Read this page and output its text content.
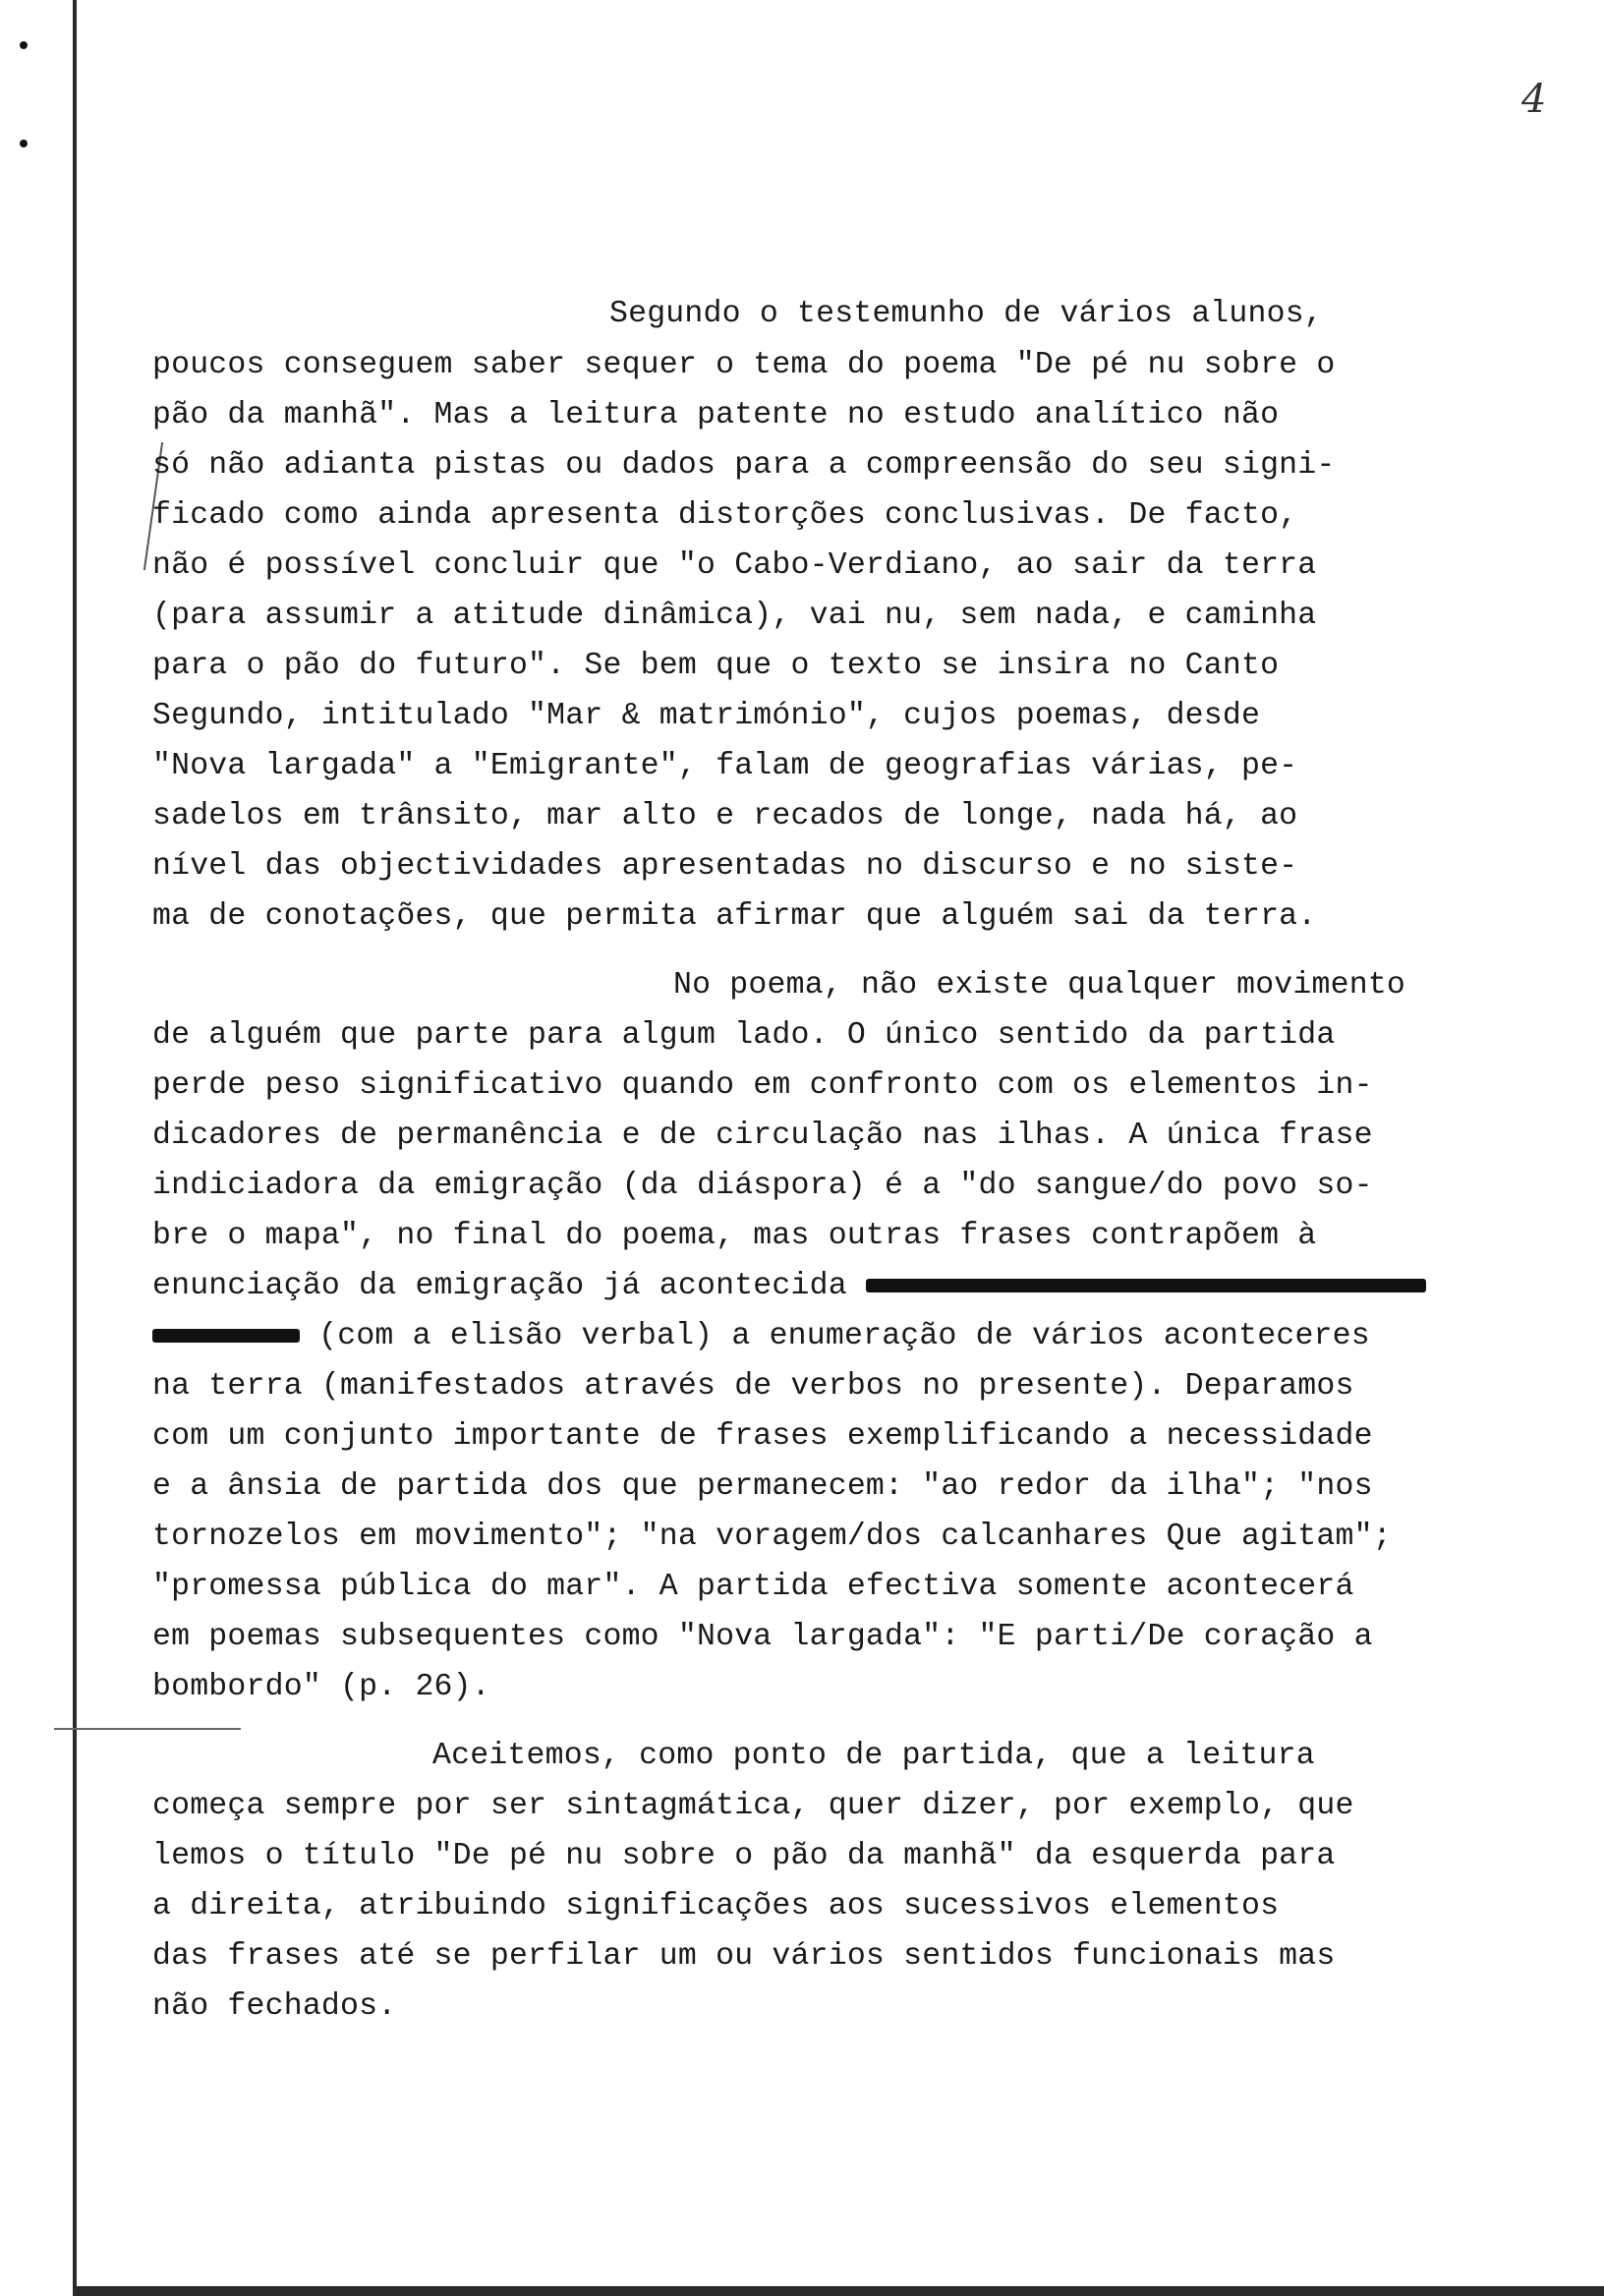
4
Segundo o testemunho de vários alunos,
poucos conseguem saber sequer o tema do poema "De pé nu sobre o
pão da manhã". Mas a leitura patente no estudo analítico não
só não adianta pistas ou dados para a compreensão do seu signi-
ficado como ainda apresenta distorções conclusivas. De facto,
não é possível concluir que "o Cabo-Verdiano, ao sair da terra
(para assumir a atitude dinâmica), vai nu, sem nada, e caminha
para o pão do futuro". Se bem que o texto se insira no Canto
Segundo, intitulado "Mar & matrimónio", cujos poemas, desde
"Nova largada" a "Emigrante", falam de geografias várias, pe-
sadelos em trânsito, mar alto e recados de longe, nada há, ao
nível das objectividades apresentadas no discurso e no siste-
ma de conotações, que permita afirmar que alguém sai da terra.
No poema, não existe qualquer movimento
de alguém que parte para algum lado. O único sentido da partida
perde peso significativo quando em confronto com os elementos in-
dicadores de permanência e de circulação nas ilhas. A única frase
indiciadora da emigração (da diáspora) é a "do sangue/do povo so-
bre o mapa", no final do poema, mas outras frases contrapõem à
enunciação da emigração já acontecida
(com a elisão verbal) a enumeração de vários aconteceres
na terra (manifestados através de verbos no presente). Deparamos
com um conjunto importante de frases exemplificando a necessidade
e a ânsia de partida dos que permanecem: "ao redor da ilha"; "nos
tornozelos em movimento"; "na voragem/dos calcanhares Que agitam";
"promessa pública do mar". A partida efectiva somente acontecerá
em poemas subsequentes como "Nova largada": "E parti/De coração a
bombordo" (p. 26).
Aceitemos, como ponto de partida, que a leitura
começa sempre por ser sintagmática, quer dizer, por exemplo, que
lemos o título "De pé nu sobre o pão da manhã" da esquerda para
a direita, atribuindo significações aos sucessivos elementos
das frases até se perfilar um ou vários sentidos funcionais mas
não fechados.
